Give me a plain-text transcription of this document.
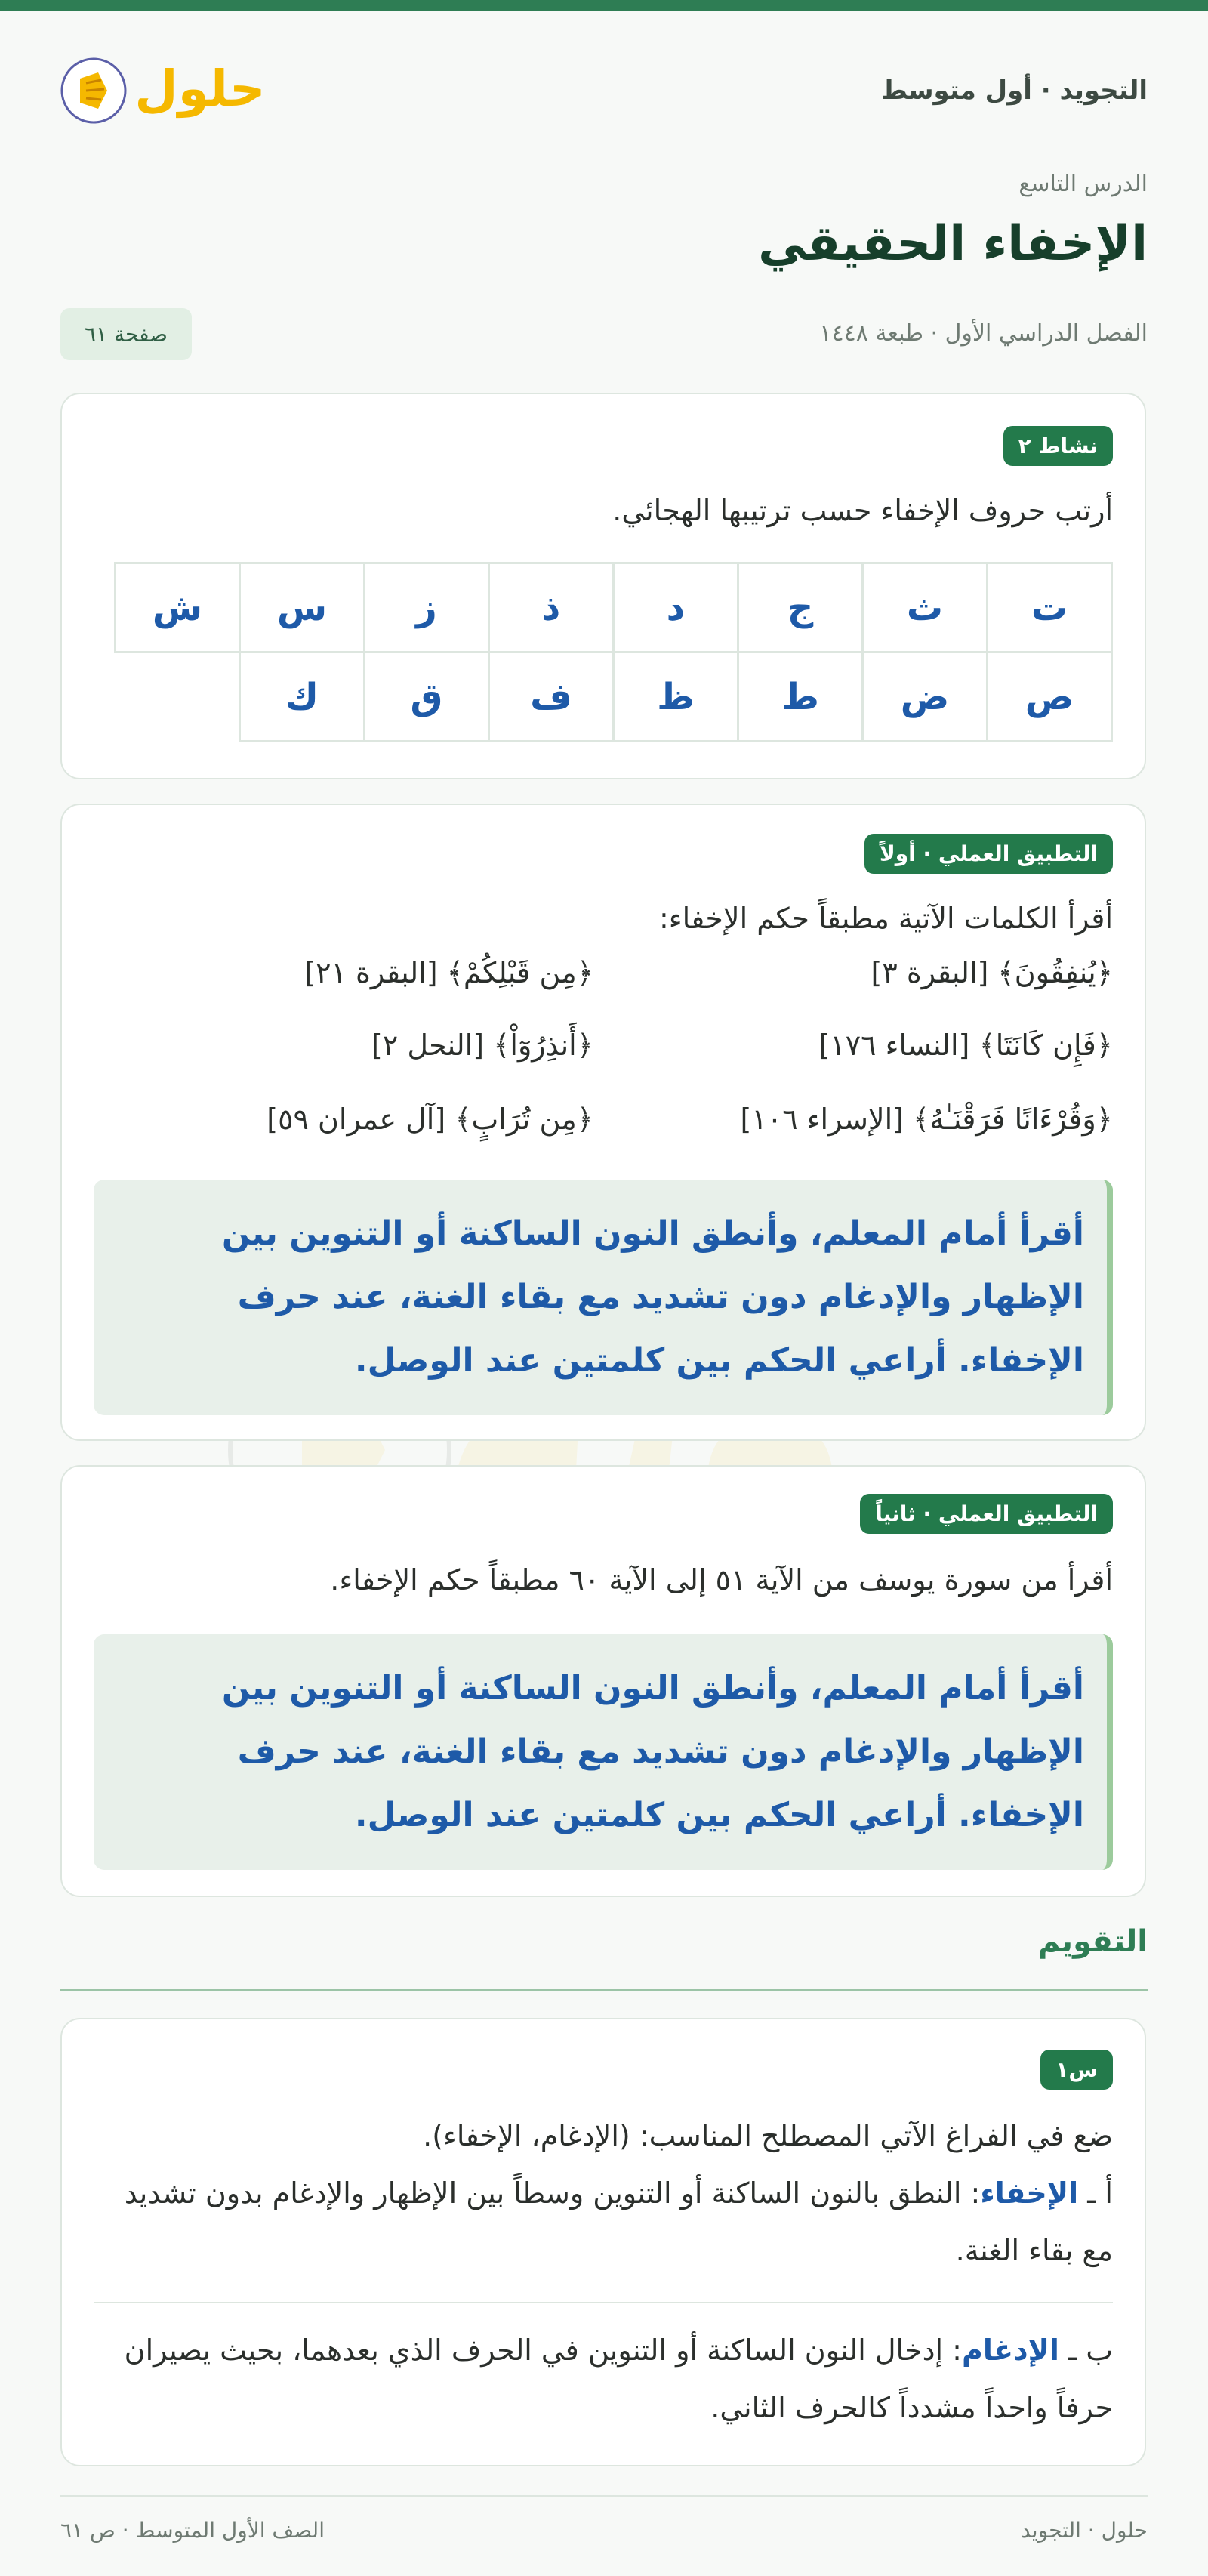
حلول	التجويد · أول متوسط
الدرس التاسع
الإخفاء الحقيقي
الفصل الدراسي الأول · طبعة ١٤٤٨
صفحة ٦١
نشاط ٢

أرتب حروف الإخفاء حسب ترتيبها الهجائي.

ت	ث	ج	د	ذ	ز	س	ش
ص	ض	ط	ظ	ف	ق	ك	
التطبيق العملي · أولاً

أقرأ الكلمات الآتية مطبقاً حكم الإخفاء:

﴿يُنفِقُونَ﴾ [البقرة ٣]
﴿مِن قَبْلِكُمْ﴾ [البقرة ٢١]
﴿فَإِن كَانَتَا﴾ [النساء ١٧٦]
﴿أَنذِرُوٓاْ﴾ [النحل ٢]
﴿وَقُرْءَانًا فَرَقْنَـٰهُ﴾ [الإسراء ١٠٦]
﴿مِن تُرَابٍ﴾ [آل عمران ٥٩]

أقرأ أمام المعلم، وأنطق النون الساكنة أو التنوين بين الإظهار والإدغام دون تشديد مع بقاء الغنة، عند حرف الإخفاء. أراعي الحكم بين كلمتين عند الوصل.

التطبيق العملي · ثانياً

أقرأ من سورة يوسف من الآية ٥١ إلى الآية ٦٠ مطبقاً حكم الإخفاء.

أقرأ أمام المعلم، وأنطق النون الساكنة أو التنوين بين الإظهار والإدغام دون تشديد مع بقاء الغنة، عند حرف الإخفاء. أراعي الحكم بين كلمتين عند الوصل.

التقويم
س١

ضع في الفراغ الآتي المصطلح المناسب: (الإدغام، الإخفاء).

أ ـ الإخفاء: النطق بالنون الساكنة أو التنوين وسطاً بين الإظهار والإدغام بدون تشديد مع بقاء الغنة.

ب ـ الإدغام: إدخال النون الساكنة أو التنوين في الحرف الذي بعدهما، بحيث يصيران حرفاً واحداً مشدداً كالحرف الثاني.

حلول · التجويد
الصف الأول المتوسط · ص ٦١
